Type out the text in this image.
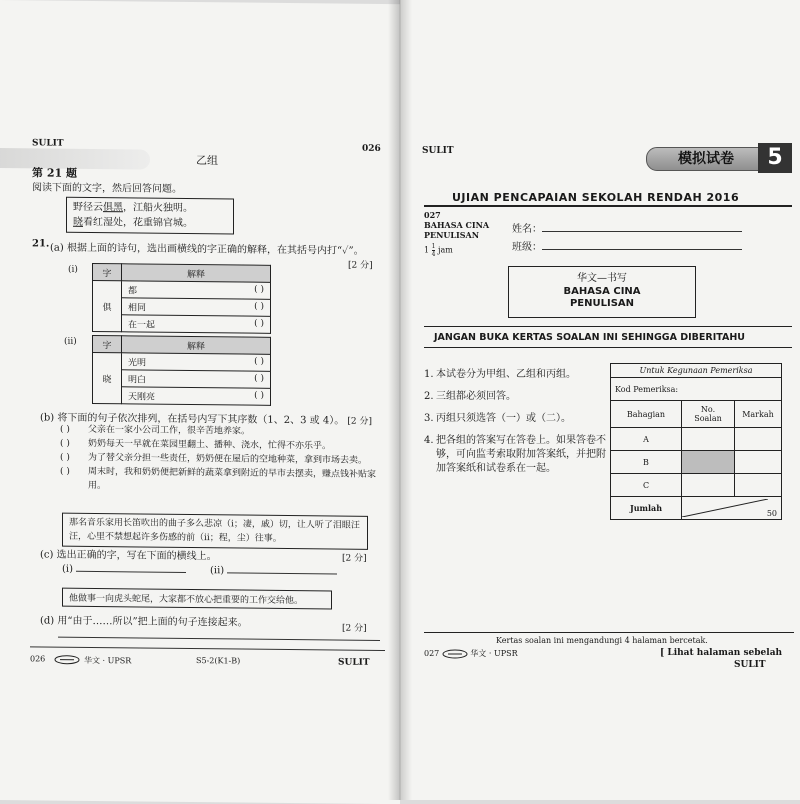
SULIT
026
乙组
第 21 题
阅读下面的文字，然后回答问题。
野径云俱黑，江船火独明。
晓看红湿处，花重锦官城。
21. (a) 根据上面的诗句，选出画横线的字正确的解释，在其括号内打“✓”。
[2 分]
(i)	字	解释
俱	都 ( )

	相同 ( )

	在一起 ( )
(ii)	字	解释
晓	光明 ( )

	明白 ( )

	天刚亮 ( )
(b) 将下面的句子依次排列，在括号内写下其序数（1、2、3 或 4）。 [2 分]
( )	父亲在一家小公司工作，很辛苦地养家。
( )	奶奶每天一早就在菜园里翻土、播种、浇水，忙得不亦乐乎。
( )	为了替父亲分担一些责任，奶奶便在屋后的空地种菜，拿到市场去卖。
( )	周末时，我和奶奶便把新鲜的蔬菜拿到附近的早市去摆卖，赚点钱补贴家用。
那名音乐家用长笛吹出的曲子多么悲凉（i；凄，戚）切，让人听了泪眼汪汪，心里不禁想起许多伤感的前（ii；程，尘）往事。
(c) 选出正确的字，写在下面的横线上。	[2 分]
(i)	(ii)
他做事一向虎头蛇尾，大家都不放心把重要的工作交给他。
(d) 用“由于……所以”把上面的句子连接起来。
[2 分]
026	华文 · UPSR	S5-2(K1-B)	SULIT
SULIT	模拟试卷	5
UJIAN PENCAPAIAN SEKOLAH RENDAH 2016
027
BAHASA CINA
PENULISAN
$1 \frac{1}{4}$ jam
姓名：
班级：
华文—书写
BAHASA CINA
PENULISAN
JANGAN BUKA KERTAS SOALAN INI SEHINGGA DIBERITAHU
1. 本试卷分为甲组、乙组和丙组。
2. 三组都必须回答。
3. 丙组只须选答（一）或（二）。
4. 把各组的答案写在答卷上。如果答卷不够，可向监考索取附加答案纸，并把附加答案纸和试卷系在一起。
Untuk Kegunaan Pemeriksa		
Kod Pemeriksa:		
Bahagian	No. Soalan	Markah
A		
B		
C		
Jumlah	50	
Kertas soalan ini mengandungi 4 halaman bercetak.
027	华文 · UPSR	[ Lihat halaman sebelah
SULIT
